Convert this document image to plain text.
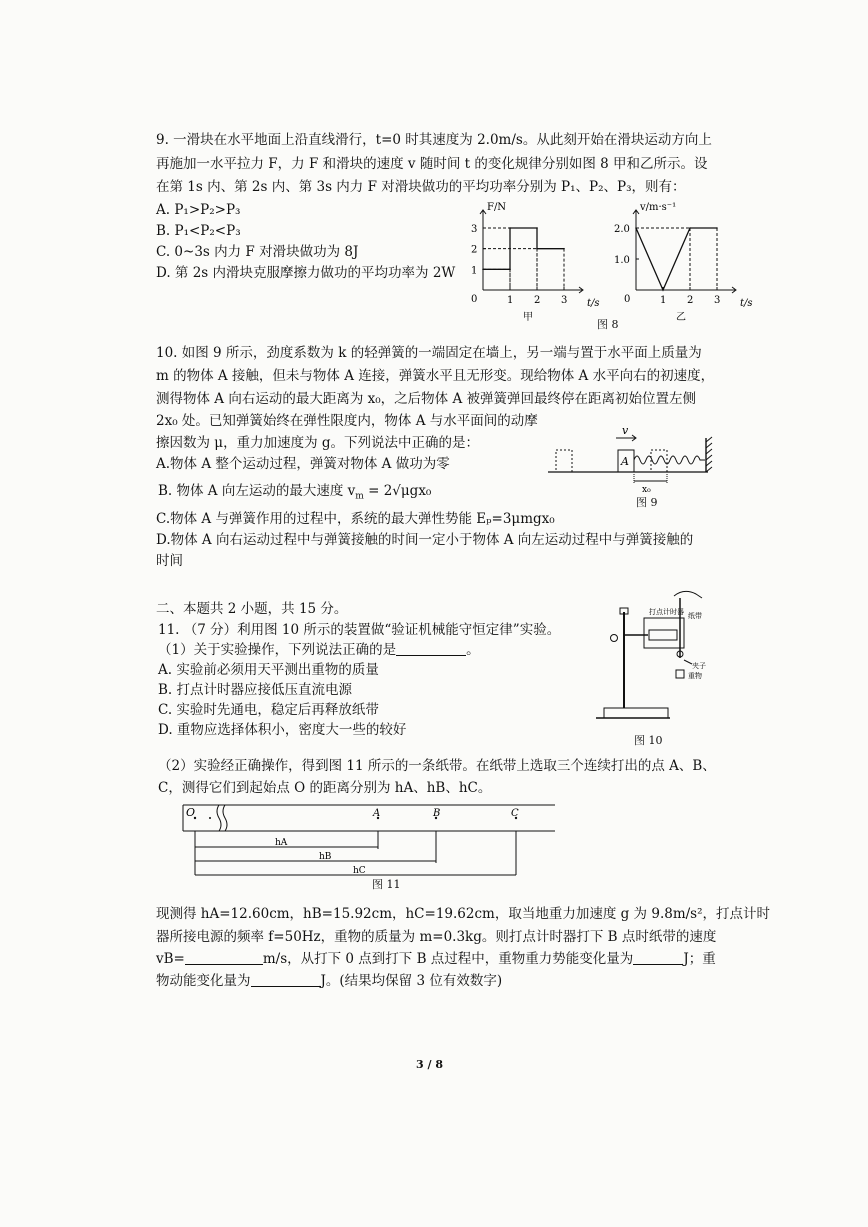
9. 一滑块在水平地面上沿直线滑行，t=0 时其速度为 2.0m/s。从此刻开始在滑块运动方向上
再施加一水平拉力 F，力 F 和滑块的速度 v 随时间 t 的变化规律分别如图 8 甲和乙所示。设
在第 1s 内、第 2s 内、第 3s 内力 F 对滑块做功的平均功率分别为 P₁、P₂、P₃，则有：
A. P₁>P₂>P₃
B. P₁<P₂<P₃
C. 0~3s 内力 F 对滑块做功为 8J
D. 第 2s 内滑块克服摩擦力做功的平均功率为 2W
F/N
t/s
0
甲
1 2 3
1
2
3
v/m·s⁻¹
t/s
0
乙
1 2 3
1.0
2.0
图 8
10. 如图 9 所示，劲度系数为 k 的轻弹簧的一端固定在墙上，另一端与置于水平面上质量为
m 的物体 A 接触，但未与物体 A 连接，弹簧水平且无形变。现给物体 A 水平向右的初速度，
测得物体 A 向右运动的最大距离为 x₀，之后物体 A 被弹簧弹回最终停在距离初始位置左侧
2x₀ 处。已知弹簧始终在弹性限度内，物体 A 与水平面间的动摩
擦因数为 μ，重力加速度为 g。下列说法中正确的是：
A.物体 A 整个运动过程，弹簧对物体 A 做功为零
B. 物体 A 向左运动的最大速度 $v_m = 2√\mu gx_0$
C.物体 A 与弹簧作用的过程中，系统的最大弹性势能 Eₚ=3μmgx₀
D.物体 A 向右运动过程中与弹簧接触的时间一定小于物体 A 向左运动过程中与弹簧接触的
时间
A
v
x₀
图 9
二、本题共 2 小题，共 15 分。
11. （7 分）利用图 10 所示的装置做“验证机械能守恒定律”实验。
（1）关于实验操作，下列说法正确的是	。
A. 实验前必须用天平测出重物的质量
B. 打点计时器应接低压直流电源
C. 实验时先通电，稳定后再释放纸带
D. 重物应选择体积小，密度大一些的较好
打点计时器 纸带
夹子
重物
图 10
（2）实验经正确操作，得到图 11 所示的一条纸带。在纸带上选取三个连续打出的点 A、B、
C，测得它们到起始点 O 的距离分别为 hA、hB、hC。
O	A	B	C
hA
hB
hC
图 11
现测得 hA=12.60cm，hB=15.92cm，hC=19.62cm，取当地重力加速度 g 为 9.8m/s²，打点计时
器所接电源的频率 f=50Hz，重物的质量为 m=0.3kg。则打点计时器打下 B 点时纸带的速度
vB=	m/s，从打下 0 点到打下 B 点过程中，重物重力势能变化量为	J；重
物动能变化量为	J。(结果均保留 3 位有效数字)
3 / 8
